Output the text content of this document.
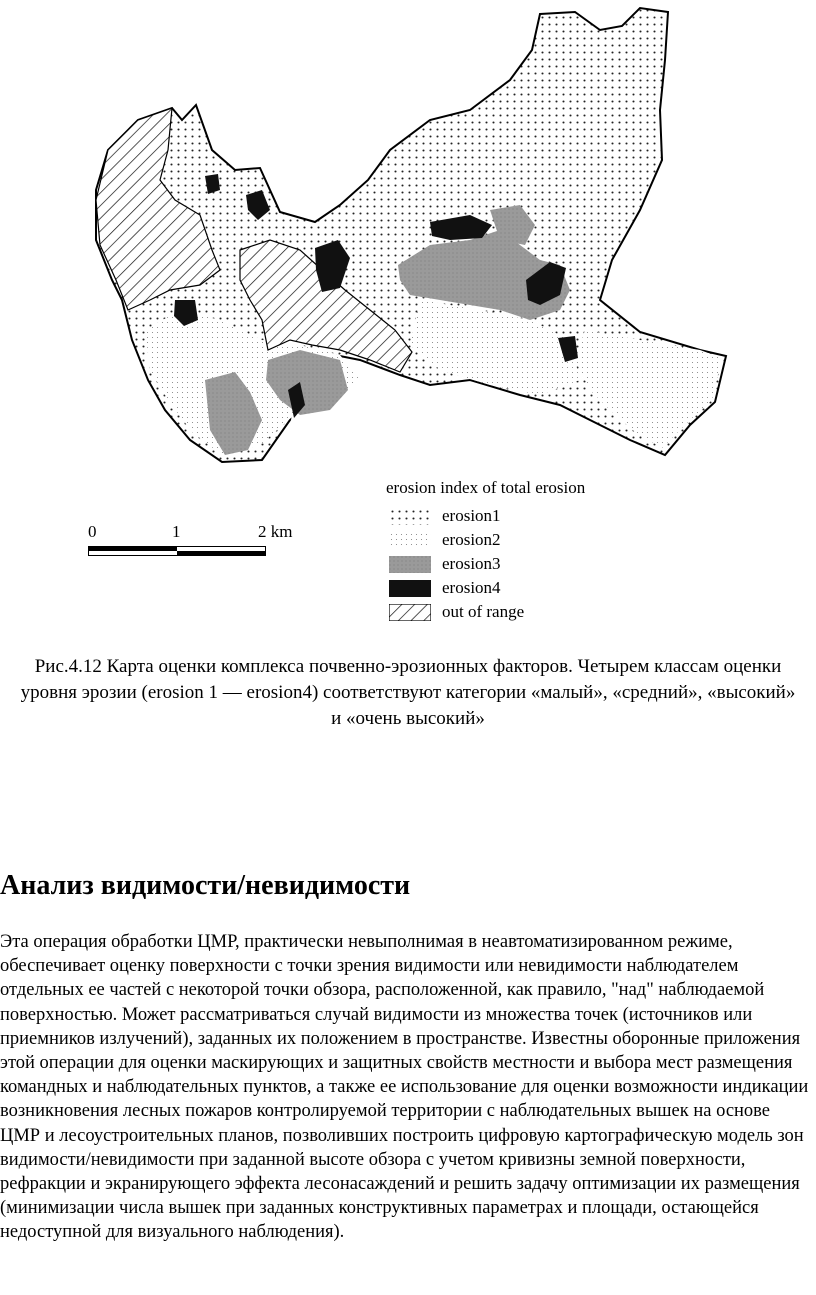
0	1	2 km
erosion index of total erosion
erosion1
erosion2
erosion3
erosion4
out of range
Рис.4.12 Карта оценки комплекса почвенно-эрозионных факторов. Четырем классам оценки уровня эрозии (erosion 1 — erosion4) соответствуют категории «малый», «средний», «высокий» и «очень высокий»
Анализ видимости/невидимости

Эта операция обработки ЦМР, практически невыполнимая в неавтоматизированном режиме, обеспечивает оценку поверхности с точки зрения видимости или невидимости наблюдателем отдельных ее частей с некоторой точки обзора, расположенной, как правило, "над" наблюдаемой поверхностью. Может рассматриваться случай видимости из множества точек (источников или приемников излучений), заданных их положением в пространстве. Известны оборонные приложения этой операции для оценки маскирующих и защитных свойств местности и выбора мест размещения командных и наблюдательных пунктов, а также ее использование для оценки возможности индикации возникновения лесных пожаров контролируемой территории с наблюдательных вышек на основе ЦМР и лесоустроительных планов, позволивших построить цифровую картографическую модель зон видимости/невидимости при заданной высоте обзора с учетом кривизны земной поверхности, рефракции и экранирующего эффекта лесонасаждений и решить задачу оптимизации их размещения (минимизации числа вышек при заданных конструктивных параметрах и площади, остающейся недоступной для визуального наблюдения).
